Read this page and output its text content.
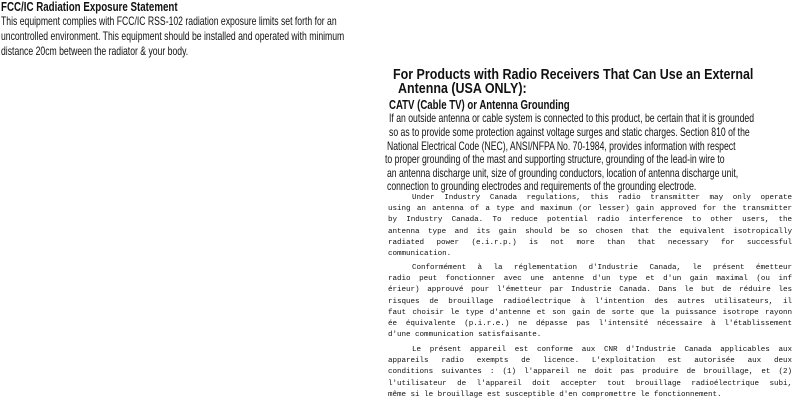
FCC/IC Radiation Exposure Statement
This equipment complies with FCC/IC RSS-102 radiation exposure limits set forth for an
uncontrolled environment. This equipment should be installed and operated with minimum
distance 20cm between the radiator & your body.
For Products with Radio Receivers That Can Use an External
Antenna (USA ONLY):
CATV (Cable TV) or Antenna Grounding
If an outside antenna or cable system is connected to this product, be certain that it is grounded
so as to provide some protection against voltage surges and static charges. Section 810 of the
National Electrical Code (NEC), ANSI/NFPA No. 70-1984, provides information with respect
to proper grounding of the mast and supporting structure, grounding of the lead-in wire to
an antenna discharge unit, size of grounding conductors, location of antenna discharge unit,
connection to grounding electrodes and requirements of the grounding electrode.
Under Industry Canada regulations, this radio transmitter may only operate
using an antenna of a type and maximum (or lesser) gain approved for the transmitter
by Industry Canada. To reduce potential radio interference to other users, the
antenna type and its gain should be so chosen that the equivalent isotropically
radiated power (e.i.r.p.) is not more than that necessary for successful
communication.
Conformément à la réglementation d'Industrie Canada, le présent émetteur
radio peut fonctionner avec une antenne d'un type et d'un gain maximal (ou inf
érieur) approuvé pour l'émetteur par Industrie Canada. Dans le but de réduire les
risques de brouillage radioélectrique à l'intention des autres utilisateurs, il
faut choisir le type d'antenne et son gain de sorte que la puissance isotrope rayonn
ée équivalente (p.i.r.e.) ne dépasse pas l'intensité nécessaire à l'établissement
d'une communication satisfaisante.
Le présent appareil est conforme aux CNR d'Industrie Canada applicables aux
appareils radio exempts de licence. L'exploitation est autorisée aux deux
conditions suivantes : (1) l'appareil ne doit pas produire de brouillage, et (2)
l'utilisateur de l'appareil doit accepter tout brouillage radioélectrique subi,
même si le brouillage est susceptible d'en compromettre le fonctionnement.
